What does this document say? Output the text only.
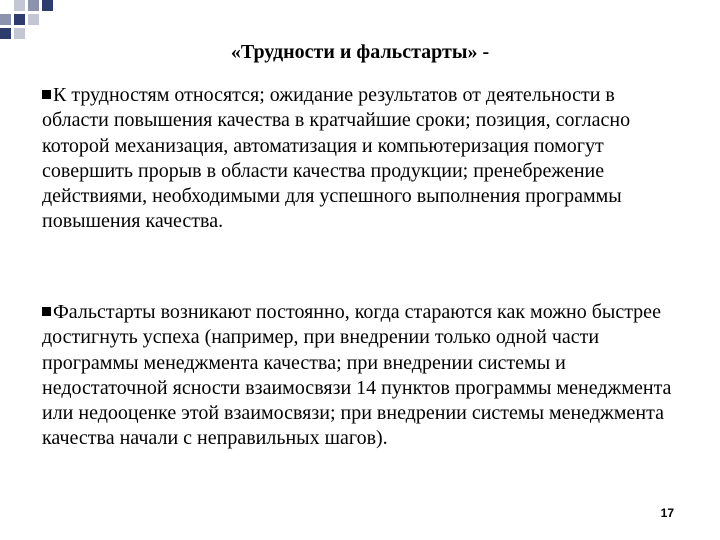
«Трудности и фальстарты» -

К трудностям относятся; ожидание результатов от деятельности в области повышения качества в кратчайшие сроки; позиция, согласно которой механизация, автоматизация и компьютеризация помогут совершить прорыв в области качества продукции; пренебрежение действиями, необходимыми для успешного выполнения программы повышения качества.

Фальстарты возникают постоянно, когда стараются как можно быстрее достигнуть успеха (например, при внедрении только одной части программы менеджмента качества; при внедрении системы и недостаточной ясности взаимосвязи 14 пунктов программы менеджмента или недооценке этой взаимосвязи; при внедрении системы менеджмента качества начали с неправильных шагов).

17
